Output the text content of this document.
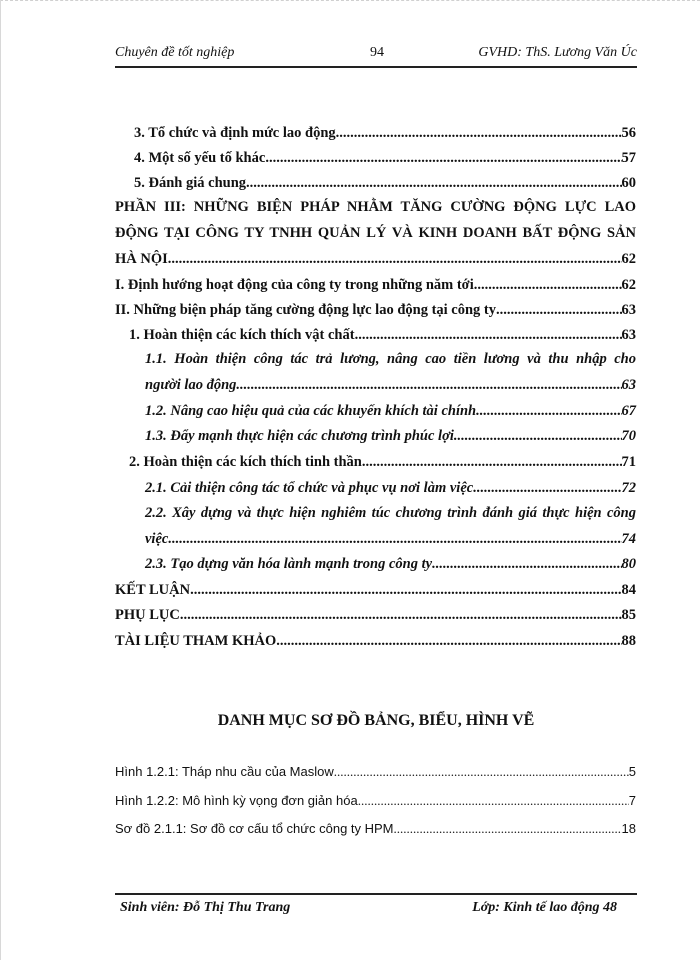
Chuyên đề tốt nghiệp	94	GVHD: ThS. Lương Văn Úc
3. Tổ chức và định mức lao động .....	56
4. Một số yếu tố khác .....	57
5. Đánh giá chung .....	60
PHẦN III: NHỮNG BIỆN PHÁP NHẰM TĂNG CƯỜNG ĐỘNG LỰC LAO
ĐỘNG TẠI CÔNG TY TNHH QUẢN LÝ VÀ KINH DOANH BẤT ĐỘNG SẢN
HÀ NỘI .....	62
I. Định hướng hoạt động của công ty trong những năm tới .....	62
II. Những biện pháp tăng cường động lực lao động tại công ty .....	63
1. Hoàn thiện các kích thích vật chất .....	63
1.1. Hoàn thiện công tác trả lương, nâng cao tiền lương và thu nhập cho
người lao động .....	63
1.2. Nâng cao hiệu quả của các khuyến khích tài chính .....	67
1.3. Đẩy mạnh thực hiện các chương trình phúc lợi .....	70
2. Hoàn thiện các kích thích tinh thần .....	71
2.1. Cải thiện công tác tổ chức và phục vụ nơi làm việc .....	72
2.2. Xây dựng và thực hiện nghiêm túc chương trình đánh giá thực hiện công
việc .....	74
2.3. Tạo dựng văn hóa lành mạnh trong công ty .....	80
KẾT LUẬN .....	84
PHỤ LỤC .....	85
TÀI LIỆU THAM KHẢO .....	88
DANH MỤC SƠ ĐỒ BẢNG, BIỂU, HÌNH VẼ
Hình 1.2.1: Tháp nhu cầu của Maslow .....	5
Hình 1.2.2: Mô hình kỳ vọng đơn giản hóa .....	7
Sơ đồ 2.1.1: Sơ đồ cơ cấu tổ chức công ty HPM .....	18
Sinh viên: Đỗ Thị Thu Trang	Lớp: Kinh tế lao động 48
